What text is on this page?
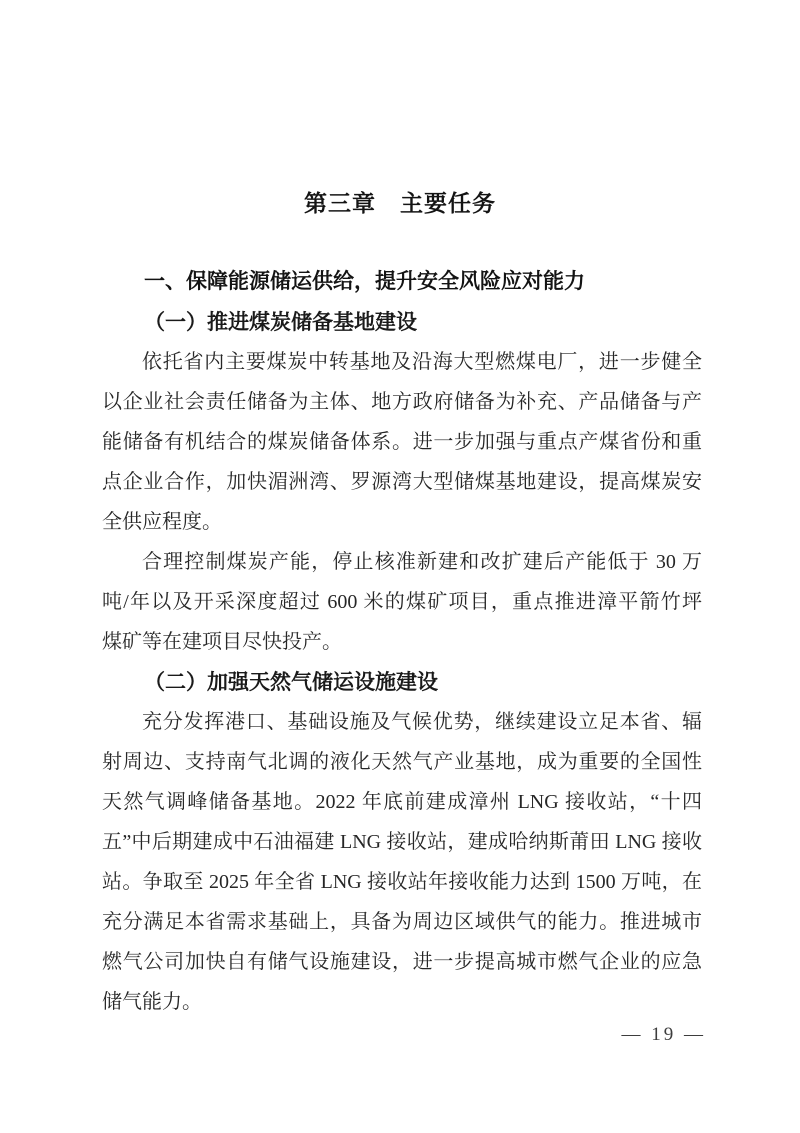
第三章　主要任务
一、保障能源储运供给，提升安全风险应对能力
（一）推进煤炭储备基地建设
依托省内主要煤炭中转基地及沿海大型燃煤电厂，进一步健全
以企业社会责任储备为主体、地方政府储备为补充、产品储备与产
能储备有机结合的煤炭储备体系。进一步加强与重点产煤省份和重
点企业合作，加快湄洲湾、罗源湾大型储煤基地建设，提高煤炭安
全供应程度。
合理控制煤炭产能，停止核准新建和改扩建后产能低于 30 万
吨/年以及开采深度超过 600 米的煤矿项目，重点推进漳平箭竹坪
煤矿等在建项目尽快投产。
（二）加强天然气储运设施建设
充分发挥港口、基础设施及气候优势，继续建设立足本省、辐
射周边、支持南气北调的液化天然气产业基地，成为重要的全国性
天然气调峰储备基地。2022 年底前建成漳州 LNG 接收站，“十四
五”中后期建成中石油福建 LNG 接收站，建成哈纳斯莆田 LNG 接收
站。争取至 2025 年全省 LNG 接收站年接收能力达到 1500 万吨，在
充分满足本省需求基础上，具备为周边区域供气的能力。推进城市
燃气公司加快自有储气设施建设，进一步提高城市燃气企业的应急
储气能力。
— 19 —
